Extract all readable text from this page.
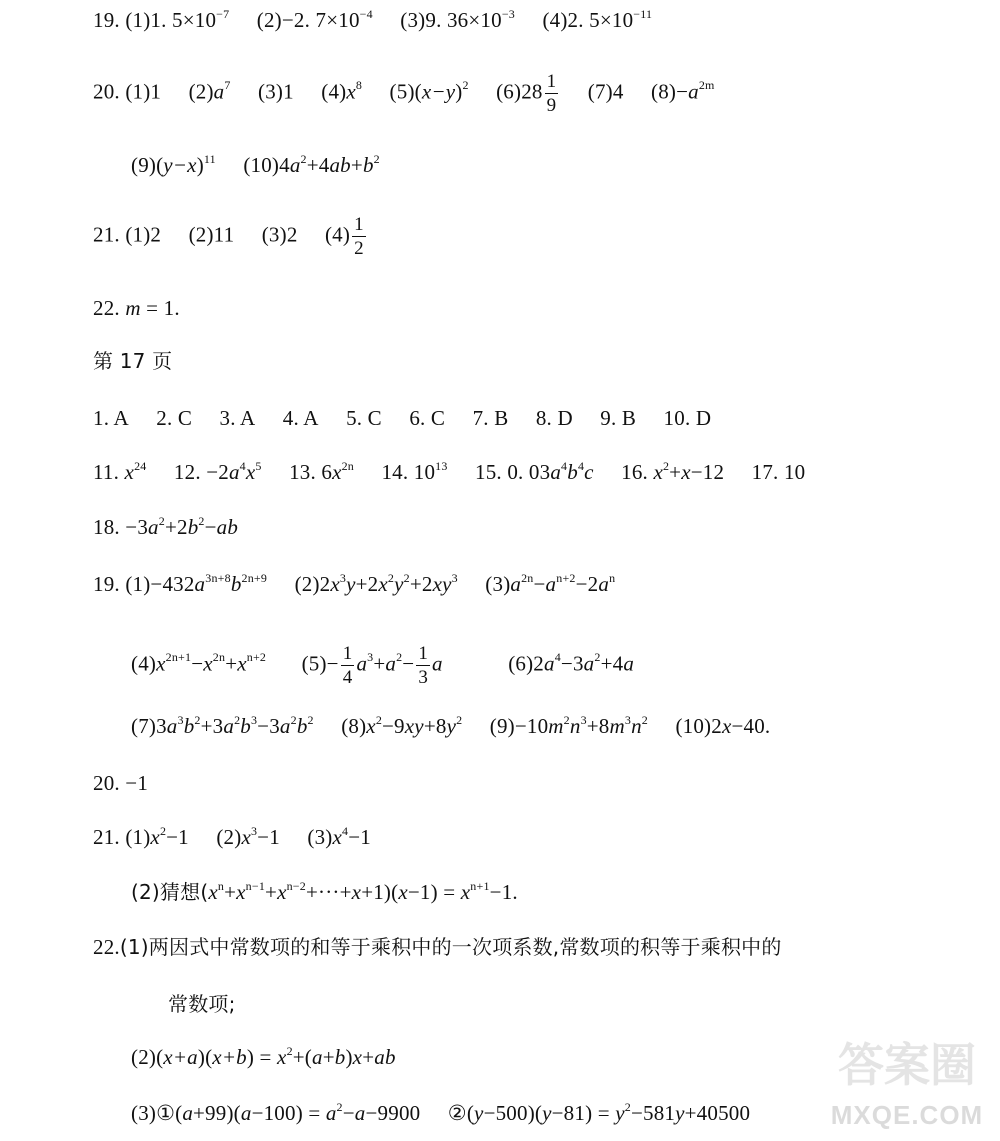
19. (1)1. $5\times 10^{-7}$ (2)−2. $7\times 10^{-4}$ (3)9. $36\times 10^{-3}$ (4)2. $5\times 10^{-11}$
20. (1)1 $(2)a^7$ (3)1 $(4)x^8$ $(5)(x-y)^2$ $(6)28 \frac{1}{9} (7)4$ $(8)-a^{2m}$
$(9)(y-x)^{11}$ $(10)4a^2+4ab+b^2$
21. (1)2 (2)11 (3)2 $(4) \frac{1}{2}$
22. m = 1.
第 17 页
1. A 2. C 3. A 4. A 5. C 6. C 7. B 8. D 9. B 10. D
11. $x^{24}$ 12. $-2a^4x^5$ 13. $6x^{2n}$ 14. $10^{13}$ 15. 0. $03a^4b^4c$ 16. $x^2+x-12$ 17. 10
18. $-3a^2+2b^2-ab$
19. $(1)-432a^{3n+8}b^{2n+9}$ $(2)2x^3y+2x^2y^2+2xy^3$ $(3)a^{2n}-a^{n+2}-2a^n$
$(4)x^{2n+1}-x^{2n}+x^{n+2}$ $(5)- \frac{1}{4} a^3+a^2- \frac{1}{3}$ a	$(6)2a^4-3a^2+4a$
$(7)3a^3b^2+3a^2b^3-3a^2b^2$ $(8)x^2-9xy+8y^2$ $(9)-10m^2n^3+8m^3n^2$ (10)2x−40.
20. −1
21. $(1)x^2-1$ $(2)x^3-1$ $(3)x^4-1$
(2)猜想$(x^n+x^{n-1}+x^{n-2}+\cdot\cdot\cdot+x+1)(x-1) = x^{n+1}-1$.
22.(1)两因式中常数项的和等于乘积中的一次项系数,常数项的积等于乘积中的
常数项;
$(2)(x+a)(x+b) = x^2+(a+b)x+ab$
(3)①(a+99)(a−100) = $a^2-a-9900$ ②(y−500)(y−81) = $y^2-581y+40500$
答案圈
MXQE.COM
